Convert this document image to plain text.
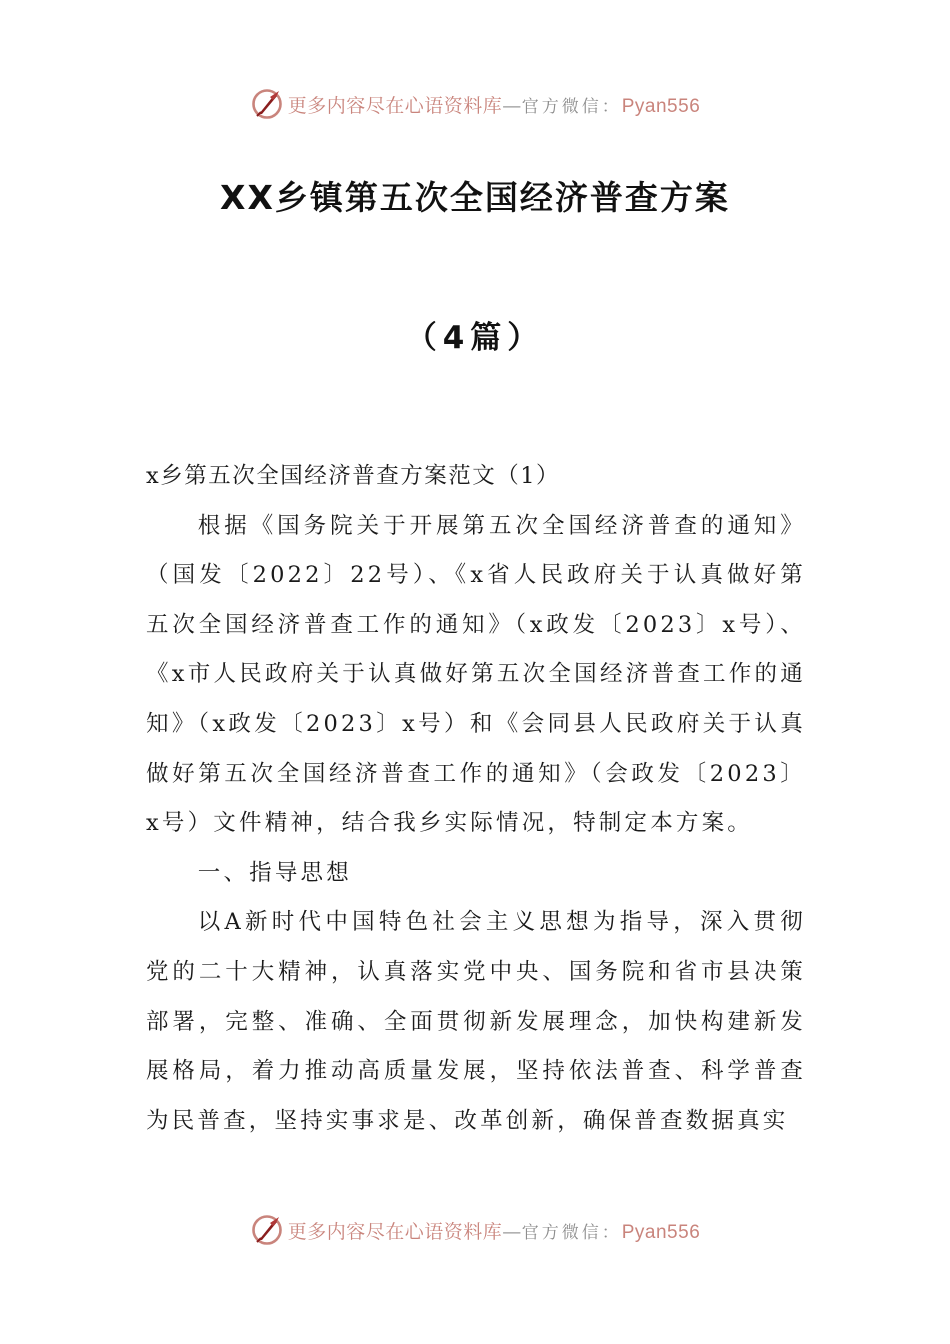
更多内容尽在心语资料库—官方微信：Pyan556
XX乡镇第五次全国经济普查方案
（4篇）

x乡第五次全国经济普查方案范文（1）

根据《国务院关于开展第五次全国经济普查的通知》（国发〔2022〕22号）、《x省人民政府关于认真做好第五次全国经济普查工作的通知》（x政发〔2023〕x号）、《x市人民政府关于认真做好第五次全国经济普查工作的通知》（x政发〔2023〕x号）和《会同县人民政府关于认真做好第五次全国经济普查工作的通知》（会政发〔2023〕x号）文件精神，结合我乡实际情况，特制定本方案。

一、指导思想

以A新时代中国特色社会主义思想为指导，深入贯彻党的二十大精神，认真落实党中央、国务院和省市县决策部署，完整、准确、全面贯彻新发展理念，加快构建新发展格局，着力推动高质量发展，坚持依法普查、科学普查为民普查，坚持实事求是、改革创新，确保普查数据真实

更多内容尽在心语资料库—官方微信：Pyan556
